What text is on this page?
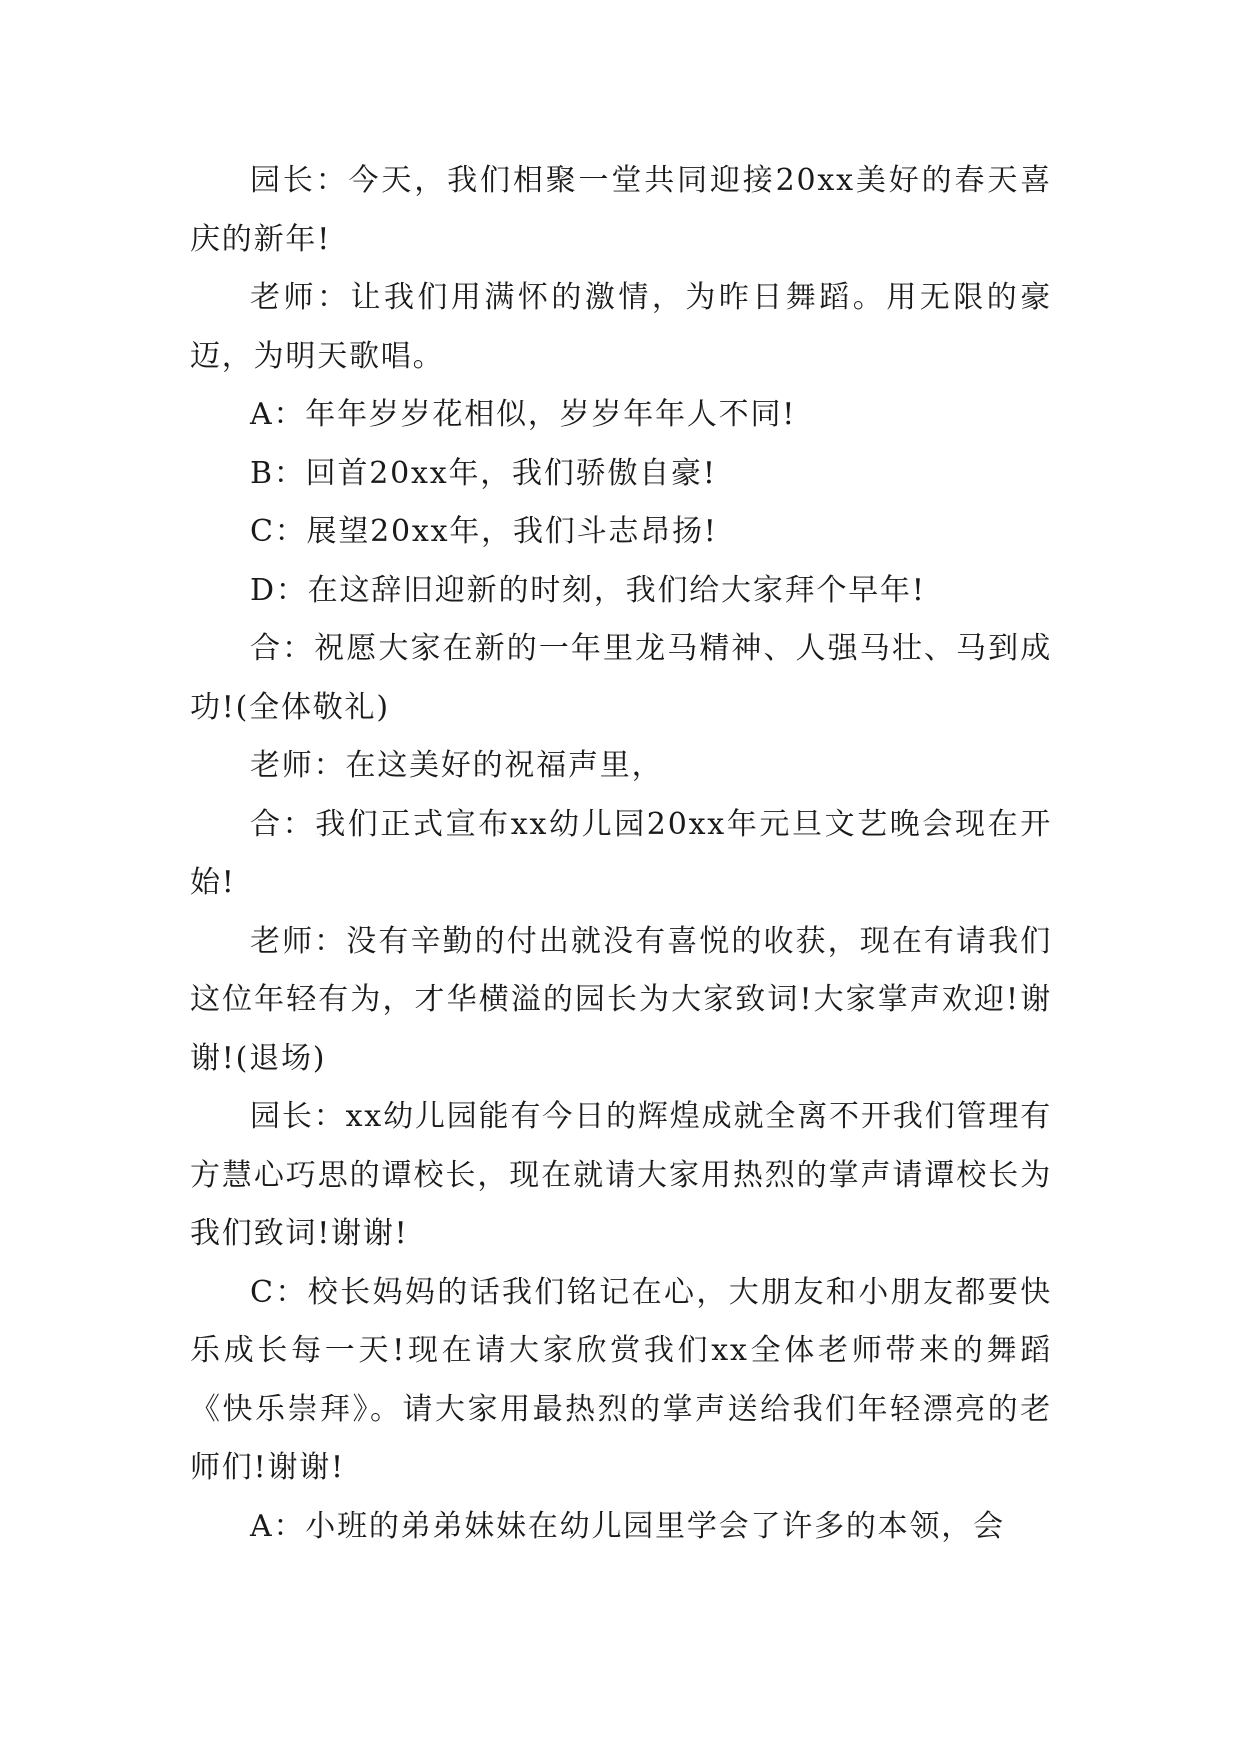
园长：今天，我们相聚一堂共同迎接20xx美好的春天喜庆的新年!

老师：让我们用满怀的激情，为昨日舞蹈。用无限的豪迈，为明天歌唱。

A：年年岁岁花相似，岁岁年年人不同!

B：回首20xx年，我们骄傲自豪!

C：展望20xx年，我们斗志昂扬!

D：在这辞旧迎新的时刻，我们给大家拜个早年!

合：祝愿大家在新的一年里龙马精神、人强马壮、马到成功!(全体敬礼)

老师：在这美好的祝福声里，

合：我们正式宣布xx幼儿园20xx年元旦文艺晚会现在开始!

老师：没有辛勤的付出就没有喜悦的收获，现在有请我们这位年轻有为，才华横溢的园长为大家致词!大家掌声欢迎!谢谢!(退场)

园长：xx幼儿园能有今日的辉煌成就全离不开我们管理有方慧心巧思的谭校长，现在就请大家用热烈的掌声请谭校长为我们致词!谢谢!

C：校长妈妈的话我们铭记在心，大朋友和小朋友都要快乐成长每一天!现在请大家欣赏我们xx全体老师带来的舞蹈《快乐崇拜》。请大家用最热烈的掌声送给我们年轻漂亮的老师们!谢谢!

A：小班的弟弟妹妹在幼儿园里学会了许多的本领，会
